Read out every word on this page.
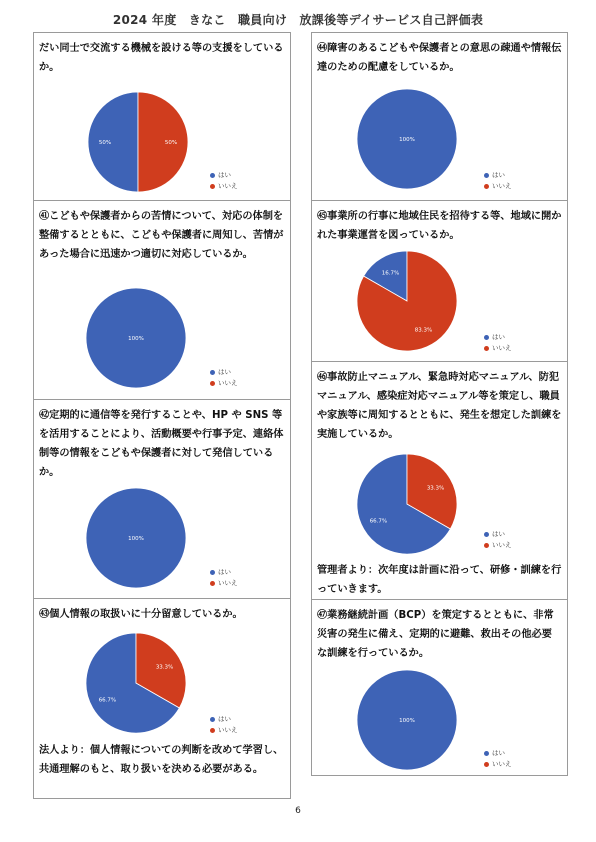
2024 年度　きなこ　職員向け　放課後等デイサービス自己評価表
だい同士で交流する機械を設ける等の支援をしているか。
50%	50%
はい
いいえ
㊹障害のあるこどもや保護者との意思の疎通や情報伝達のための配慮をしているか。
100%
はい
いいえ
㊶こどもや保護者からの苦情について、対応の体制を整備するとともに、こどもや保護者に周知し、苦情があった場合に迅速かつ適切に対応しているか。
100%
はい
いいえ
㊺事業所の行事に地域住民を招待する等、地域に開かれた事業運営を図っているか。
16.7%
83.3%
はい
いいえ
㊷定期的に通信等を発行することや、HP や SNS 等を活用することにより、活動概要や行事予定、連絡体制等の情報をこどもや保護者に対して発信しているか。
100%
はい
いいえ
㊻事故防止マニュアル、緊急時対応マニュアル、防犯マニュアル、感染症対応マニュアル等を策定し、職員や家族等に周知するとともに、発生を想定した訓練を実施しているか。
66.7%
33.3%
はい
いいえ
管理者より：次年度は計画に沿って、研修・訓練を行っていきます。
㊸個人情報の取扱いに十分留意しているか。
66.7%
33.3%
はい
いいえ
法人より：個人情報についての判断を改めて学習し、共通理解のもと、取り扱いを決める必要がある。
㊼業務継続計画（BCP）を策定するとともに、非常災害の発生に備え、定期的に避難、救出その他必要な訓練を行っているか。
100%
はい
いいえ
6
